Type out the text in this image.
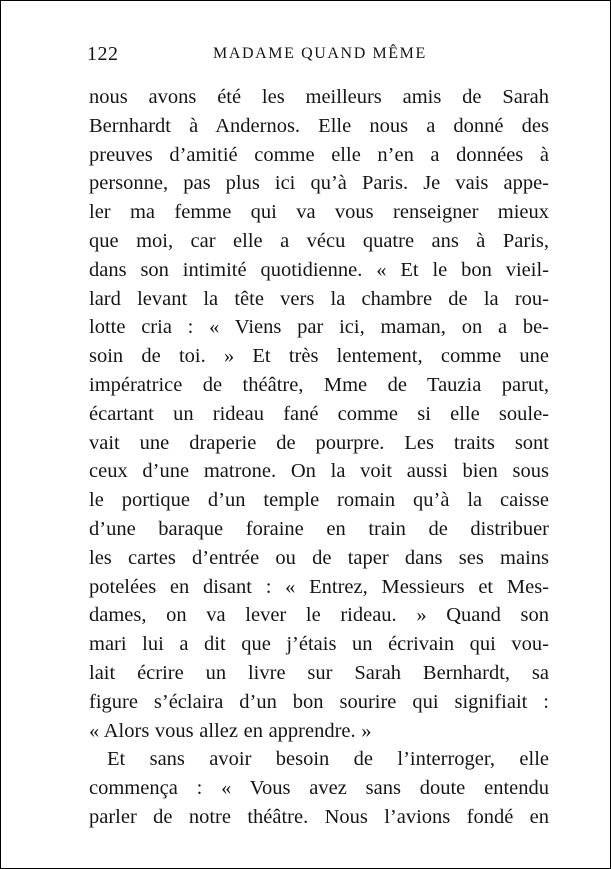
122	MADAME QUAND MÊME
nous avons été les meilleurs amis de Sarah
Bernhardt à Andernos. Elle nous a donné des
preuves d’amitié comme elle n’en a données à
personne, pas plus ici qu’à Paris. Je vais appe-
ler ma femme qui va vous renseigner mieux
que moi, car elle a vécu quatre ans à Paris,
dans son intimité quotidienne. « Et le bon vieil-
lard levant la tête vers la chambre de la rou-
lotte cria : « Viens par ici, maman, on a be-
soin de toi. » Et très lentement, comme une
impératrice de théâtre, Mme de Tauzia parut,
écartant un rideau fané comme si elle soule-
vait une draperie de pourpre. Les traits sont
ceux d’une matrone. On la voit aussi bien sous
le portique d’un temple romain qu’à la caisse
d’une baraque foraine en train de distribuer
les cartes d’entrée ou de taper dans ses mains
potelées en disant : « Entrez, Messieurs et Mes-
dames, on va lever le rideau. » Quand son
mari lui a dit que j’étais un écrivain qui vou-
lait écrire un livre sur Sarah Bernhardt, sa
figure s’éclaira d’un bon sourire qui signifiait :
« Alors vous allez en apprendre. »
Et sans avoir besoin de l’interroger, elle
commença : « Vous avez sans doute entendu
parler de notre théâtre. Nous l’avions fondé en
